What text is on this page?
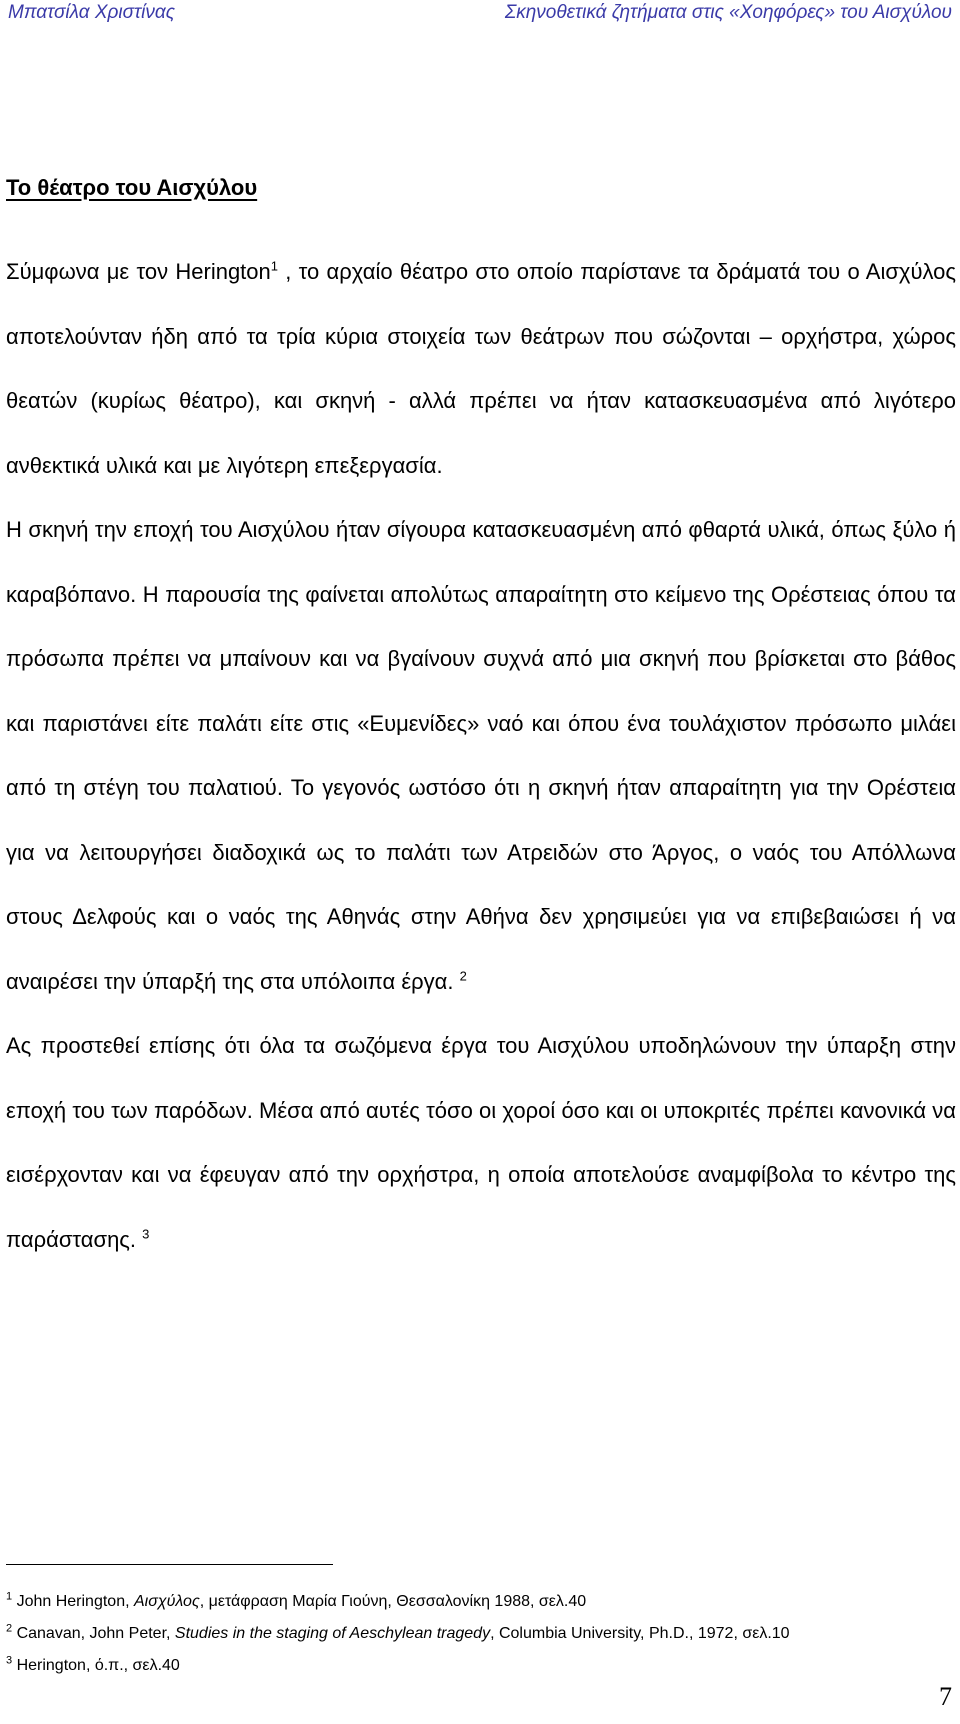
Μπατσίλα Χριστίνας	Σκηνοθετικά ζητήματα στις «Χοηφόρες» του Αισχύλου
Το θέατρο του Αισχύλου

Σύμφωνα με τον Herington$^1$ , το αρχαίο θέατρο στο οποίο παρίστανε τα δράματά του ο Αισχύλος αποτελούνταν ήδη από τα τρία κύρια στοιχεία των θεάτρων που σώζονται – ορχήστρα, χώρος θεατών (κυρίως θέατρο), και σκηνή - αλλά πρέπει να ήταν κατασκευασμένα από λιγότερο ανθεκτικά υλικά και με λιγότερη επεξεργασία.

Η σκηνή την εποχή του Αισχύλου ήταν σίγουρα κατασκευασμένη από φθαρτά υλικά, όπως ξύλο ή καραβόπανο. Η παρουσία της φαίνεται απολύτως απαραίτητη στο κείμενο της Ορέστειας όπου τα πρόσωπα πρέπει να μπαίνουν και να βγαίνουν συχνά από μια σκηνή που βρίσκεται στο βάθος και παριστάνει είτε παλάτι είτε στις «Ευμενίδες» ναό και όπου ένα τουλάχιστον πρόσωπο μιλάει από τη στέγη του παλατιού. Το γεγονός ωστόσο ότι η σκηνή ήταν απαραίτητη για την Ορέστεια για να λειτουργήσει διαδοχικά ως το παλάτι των Ατρειδών στο Άργος, ο ναός του Απόλλωνα στους Δελφούς και ο ναός της Αθηνάς στην Αθήνα δεν χρησιμεύει για να επιβεβαιώσει ή να αναιρέσει την ύπαρξή της στα υπόλοιπα έργα. $^2$

Ας προστεθεί επίσης ότι όλα τα σωζόμενα έργα του Αισχύλου υποδηλώνουν την ύπαρξη στην εποχή του των παρόδων. Μέσα από αυτές τόσο οι χοροί όσο και οι υποκριτές πρέπει κανονικά να εισέρχονταν και να έφευγαν από την ορχήστρα, η οποία αποτελούσε αναμφίβολα το κέντρο της παράστασης. $^3$

$^1$ John Herington, Αισχύλος, μετάφραση Μαρία Γιούνη, Θεσσαλονίκη 1988, σελ.40
$^2$ Canavan, John Peter, Studies in the staging of Aeschylean tragedy, Columbia University, Ph.D., 1972, σελ.10
$^3$ Herington, ό.π., σελ.40
7
